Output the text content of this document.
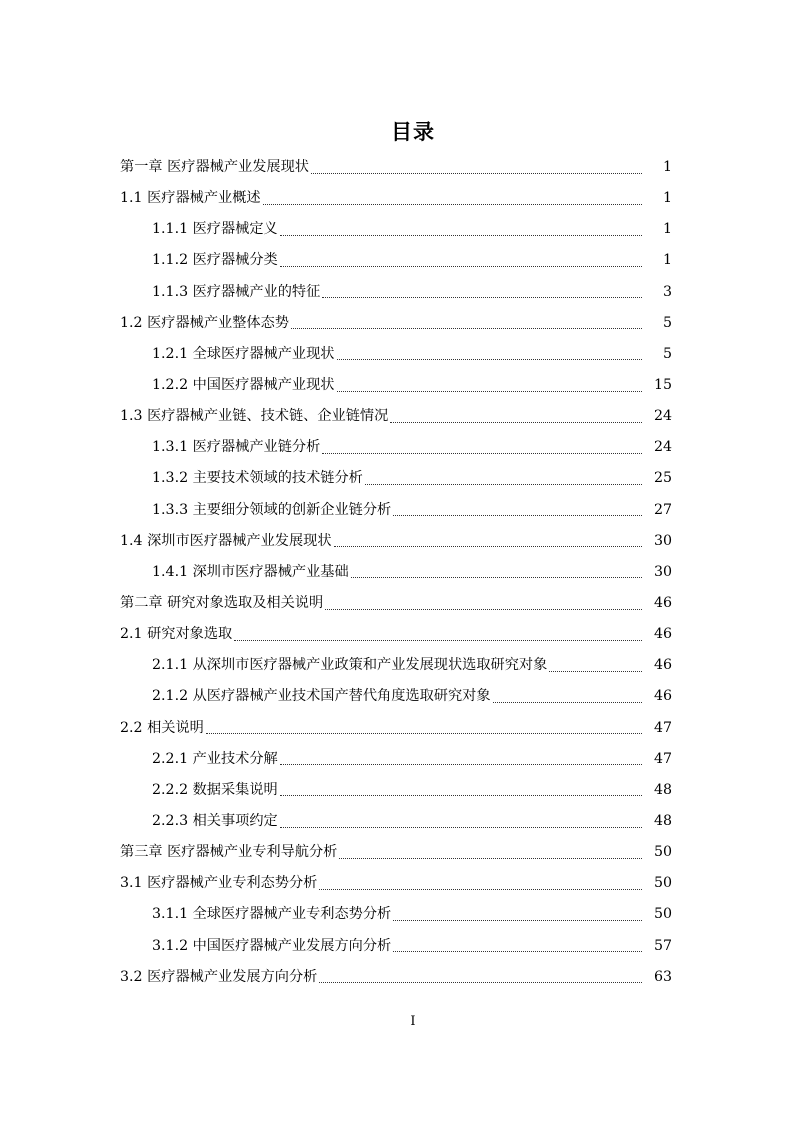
目录
第一章 医疗器械产业发展现状	1
1.1 医疗器械产业概述	1
1.1.1 医疗器械定义	1
1.1.2 医疗器械分类	1
1.1.3 医疗器械产业的特征	3
1.2 医疗器械产业整体态势	5
1.2.1 全球医疗器械产业现状	5
1.2.2 中国医疗器械产业现状	15
1.3 医疗器械产业链、技术链、企业链情况	24
1.3.1 医疗器械产业链分析	24
1.3.2 主要技术领域的技术链分析	25
1.3.3 主要细分领域的创新企业链分析	27
1.4 深圳市医疗器械产业发展现状	30
1.4.1 深圳市医疗器械产业基础	30
第二章 研究对象选取及相关说明	46
2.1 研究对象选取	46
2.1.1 从深圳市医疗器械产业政策和产业发展现状选取研究对象	46
2.1.2 从医疗器械产业技术国产替代角度选取研究对象	46
2.2 相关说明	47
2.2.1 产业技术分解	47
2.2.2 数据采集说明	48
2.2.3 相关事项约定	48
第三章 医疗器械产业专利导航分析	50
3.1 医疗器械产业专利态势分析	50
3.1.1 全球医疗器械产业专利态势分析	50
3.1.2 中国医疗器械产业发展方向分析	57
3.2 医疗器械产业发展方向分析	63
I
